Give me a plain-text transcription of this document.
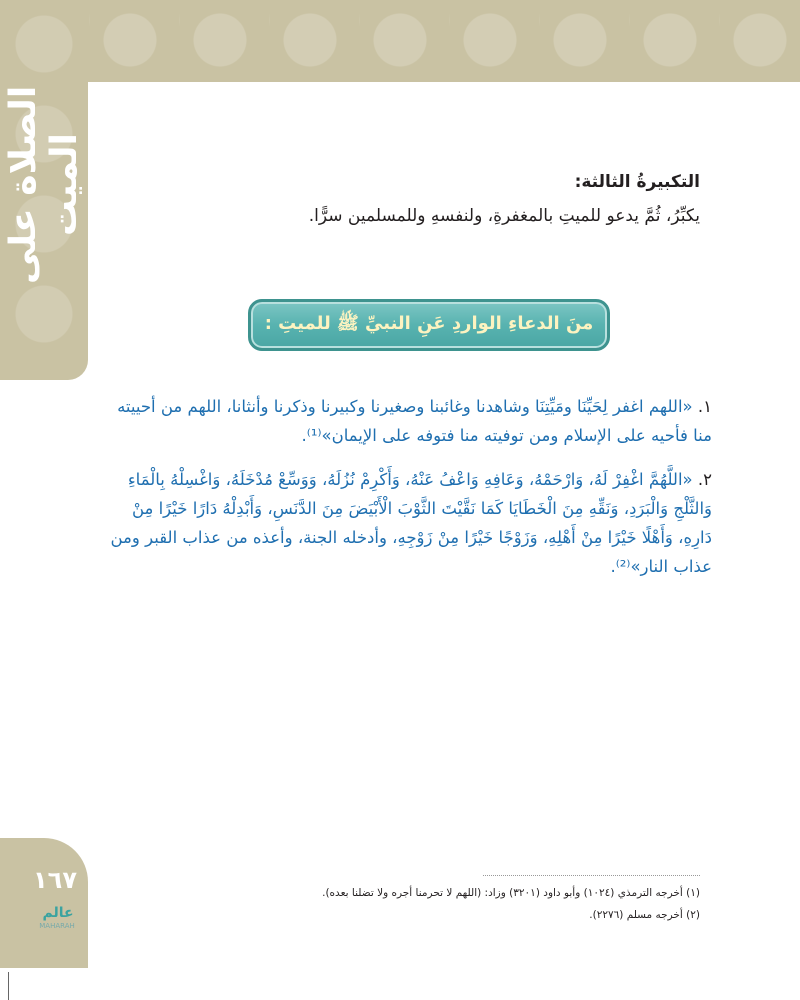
الصلاة على الميت	التكبيرةُ الثالثة:
يكبِّرُ، ثُمَّ يدعو للميتِ بالمغفرةِ، ولنفسهِ وللمسلمين سرًّا.
منَ الدعاءِ الواردِ عَنِ النبيِّ ﷺ للميتِ :
١. «اللهم اغفر لِحَيِّنَا ومَيِّتِنَا وشاهدنا وغائبنا وصغيرنا وكبيرنا وذكرنا وأنثانا، اللهم من أحييته منا فأحيه على الإسلام ومن توفيته منا فتوفه على الإيمان»⁽¹⁾.
٢. «اللَّهُمَّ اغْفِرْ لَهُ، وَارْحَمْهُ، وَعَافِهِ وَاعْفُ عَنْهُ، وَأَكْرِمْ نُزُلَهُ، وَوَسِّعْ مُدْخَلَهُ، وَاغْسِلْهُ بِالْمَاءِ وَالثَّلْجِ وَالْبَرَدِ، وَنَقِّهِ مِنَ الْخَطَايَا كَمَا نَقَّيْتَ الثَّوْبَ الْأَبْيَضَ مِنَ الدَّنَسِ، وَأَبْدِلْهُ دَارًا خَيْرًا مِنْ دَارِهِ، وَأَهْلًا خَيْرًا مِنْ أَهْلِهِ، وَزَوْجًا خَيْرًا مِنْ زَوْجِهِ، وأدخله الجنة، وأعذه من عذاب القبر ومن عذاب النار»⁽²⁾.
(١) أخرجه الترمذي (١٠٢٤) وأبو داود (٣٢٠١) وزاد: (اللهم لا تحرمنا أجره ولا تضلنا بعده).
(٢) أخرجه مسلم (٢٢٧٦).
١٦٧
عالم
MAHARAH
